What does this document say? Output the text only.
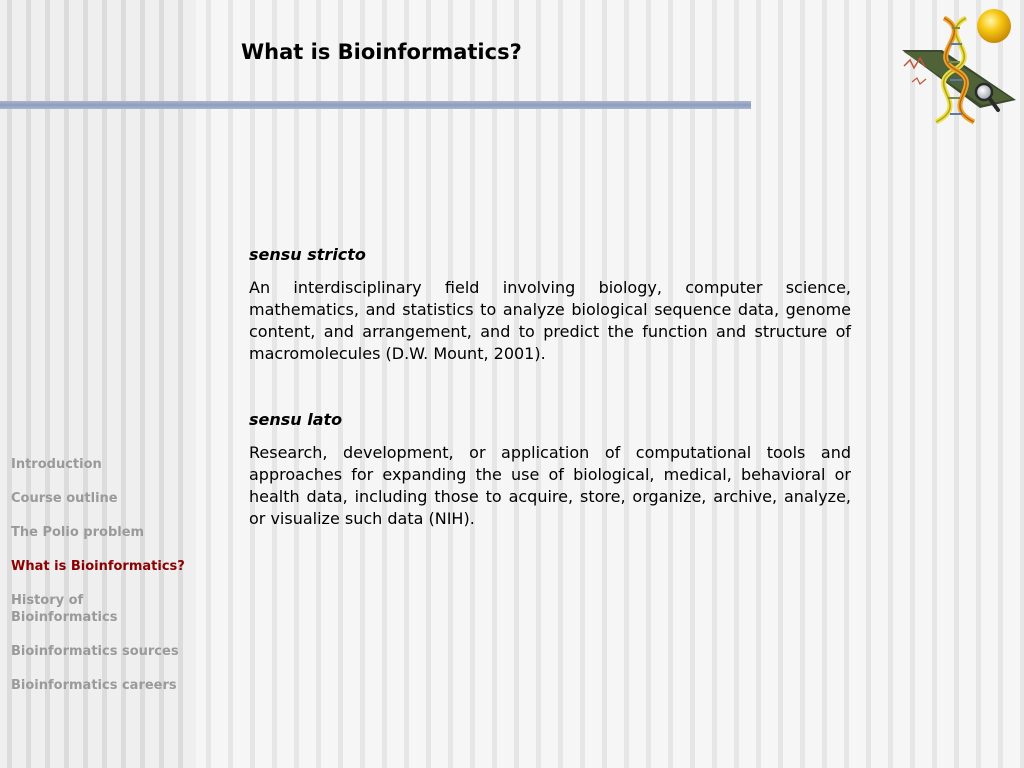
What is Bioinformatics?

sensu stricto

An interdisciplinary field involving biology, computer science, mathematics, and statistics to analyze biological sequence data, genome content, and arrangement, and to predict the function and structure of macromolecules (D.W. Mount, 2001).

sensu lato

Research, development, or application of computational tools and approaches for expanding the use of biological, medical, behavioral or health data, including those to acquire, store, organize, archive, analyze, or visualize such data (NIH).

Introduction
Course outline
The Polio problem
What is Bioinformatics?
History of Bioinformatics
Bioinformatics sources
Bioinformatics careers
